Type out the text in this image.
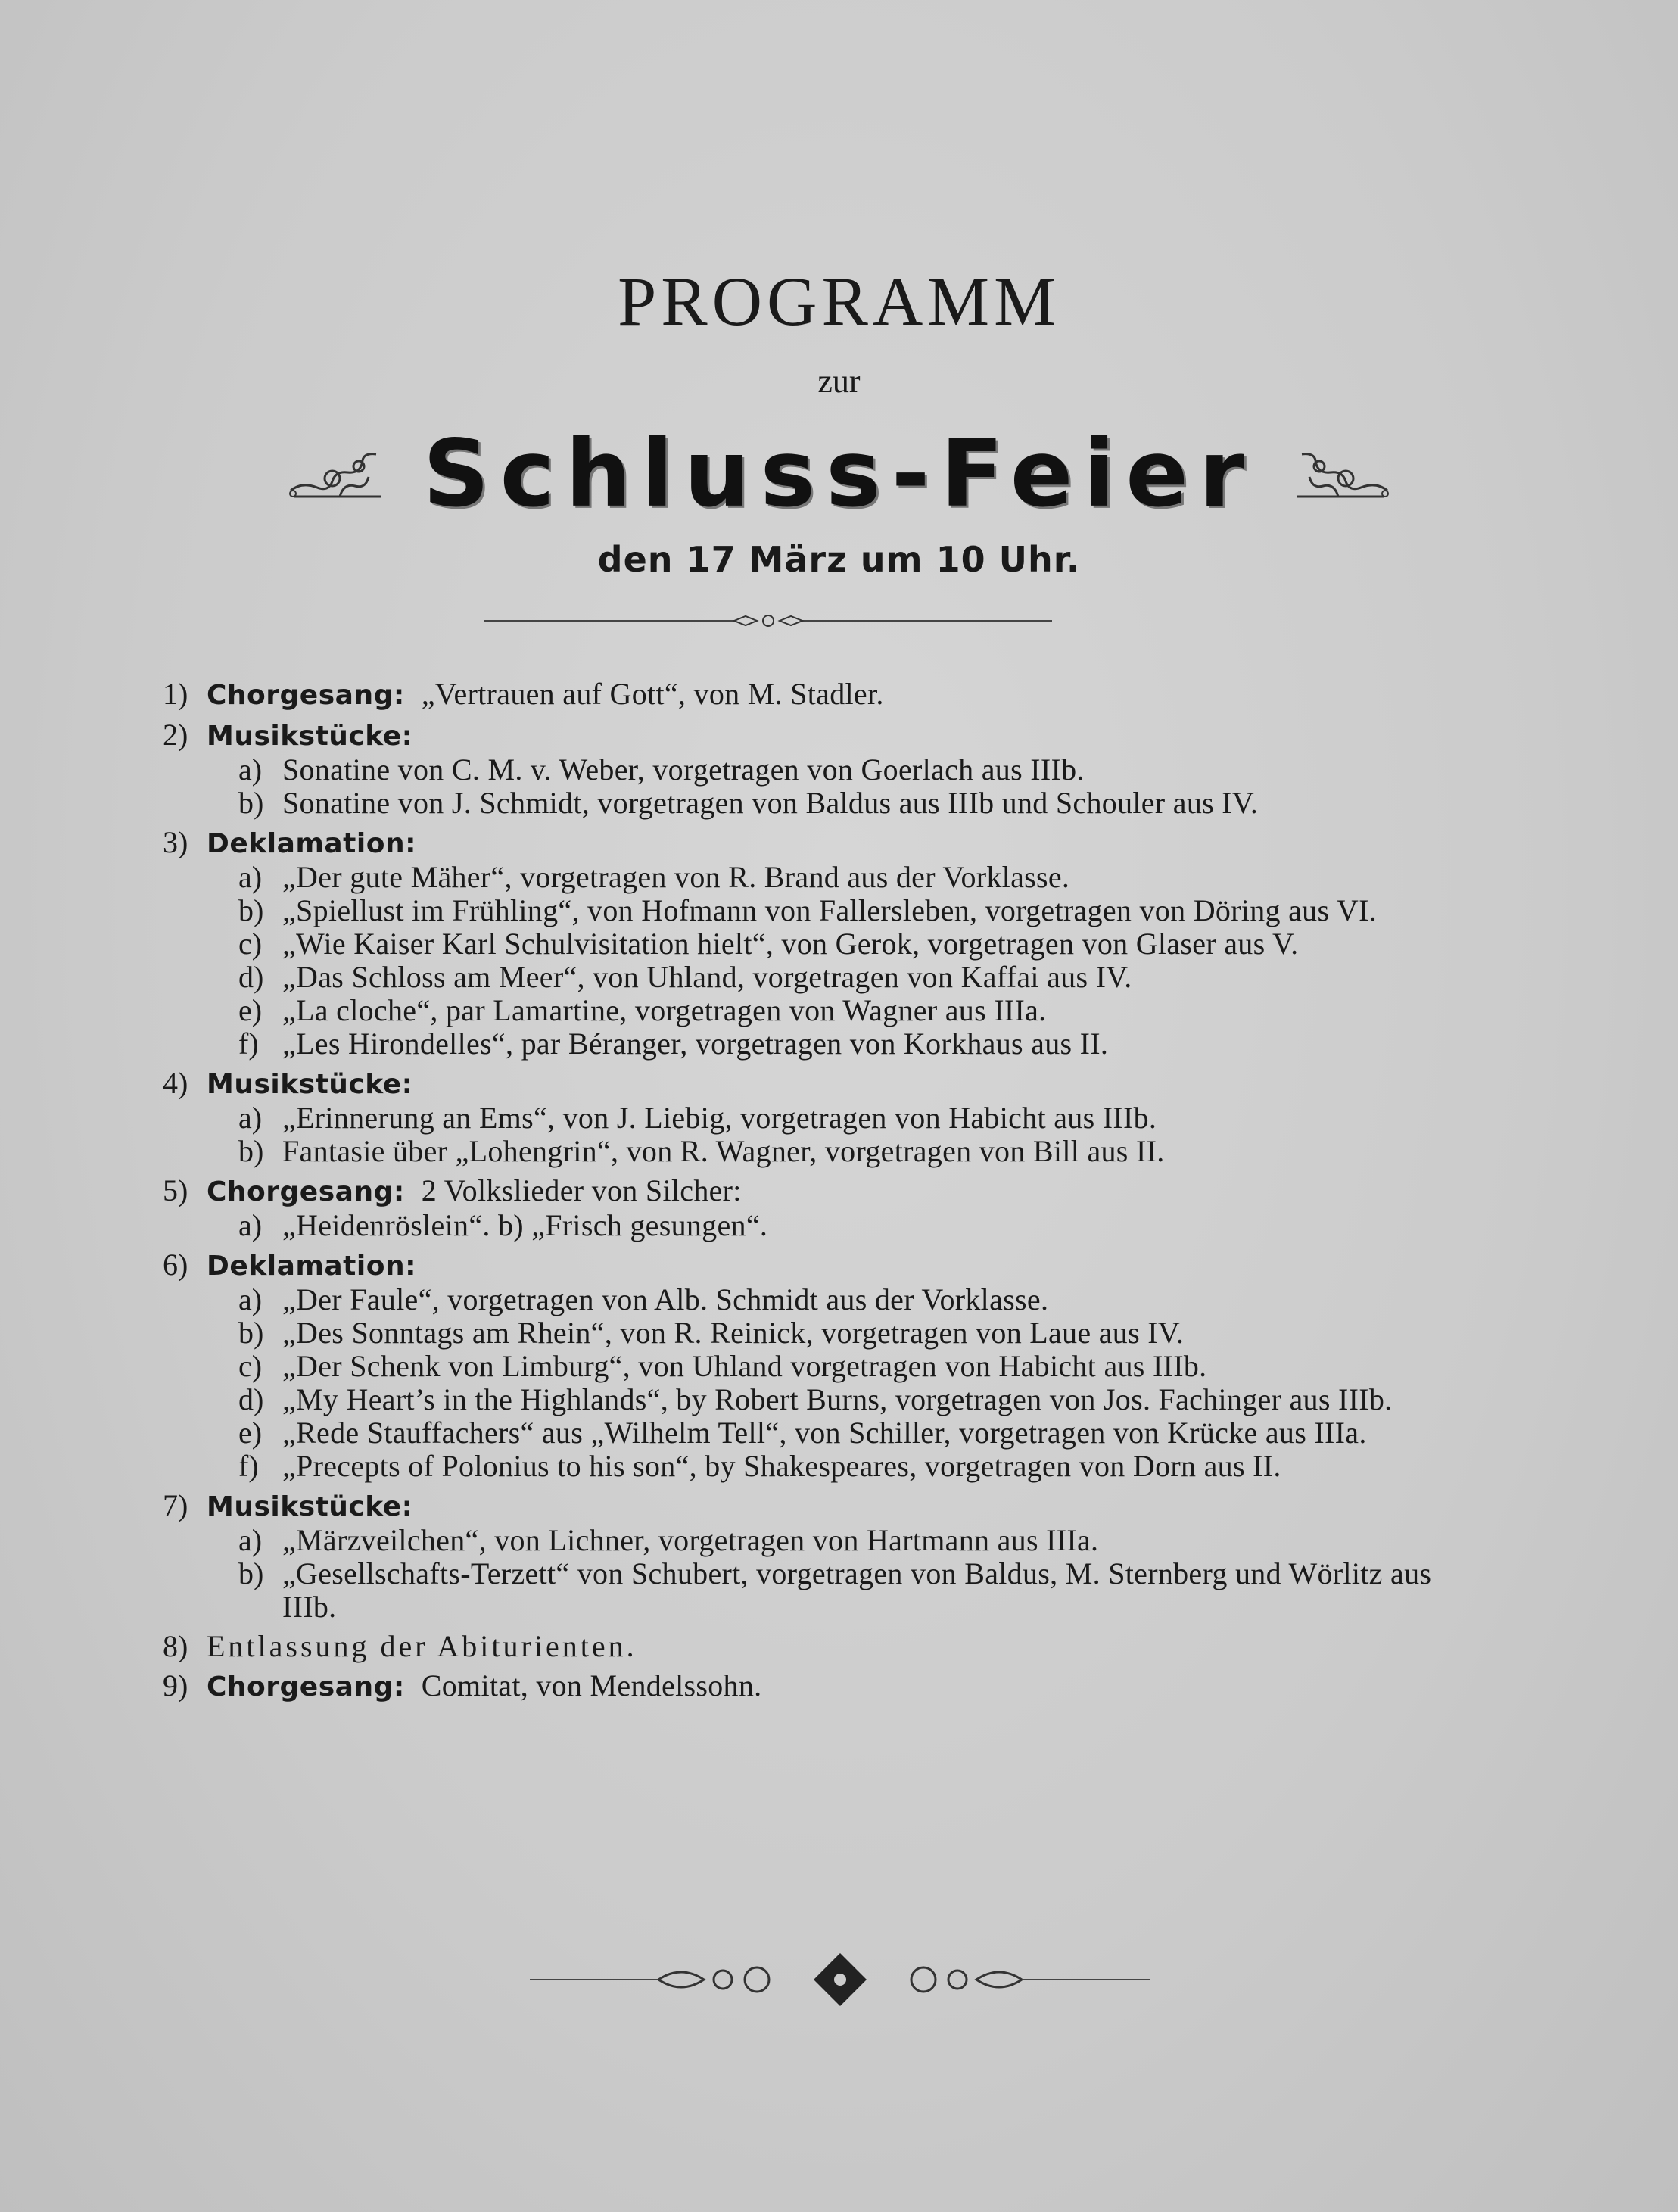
PROGRAMM
zur
Schluss-Feier
den 17 März um 10 Uhr.
1) Chorgesang: „Vertrauen auf Gott“, von M. Stadler.
2) Musikstücke:
a) Sonatine von C. M. v. Weber, vorgetragen von Goerlach aus IIIb.
b) Sonatine von J. Schmidt, vorgetragen von Baldus aus IIIb und Schouler aus IV.
3) Deklamation:
a) „Der gute Mäher“, vorgetragen von R. Brand aus der Vorklasse.
b) „Spiellust im Frühling“, von Hofmann von Fallersleben, vorgetragen von Döring aus VI.
c) „Wie Kaiser Karl Schulvisitation hielt“, von Gerok, vorgetragen von Glaser aus V.
d) „Das Schloss am Meer“, von Uhland, vorgetragen von Kaffai aus IV.
e) „La cloche“, par Lamartine, vorgetragen von Wagner aus IIIa.
f) „Les Hirondelles“, par Béranger, vorgetragen von Korkhaus aus II.
4) Musikstücke:
a) „Erinnerung an Ems“, von J. Liebig, vorgetragen von Habicht aus IIIb.
b) Fantasie über „Lohengrin“, von R. Wagner, vorgetragen von Bill aus II.
5) Chorgesang: 2 Volkslieder von Silcher:
a) „Heidenröslein“. b) „Frisch gesungen“.
6) Deklamation:
a) „Der Faule“, vorgetragen von Alb. Schmidt aus der Vorklasse.
b) „Des Sonntags am Rhein“, von R. Reinick, vorgetragen von Laue aus IV.
c) „Der Schenk von Limburg“, von Uhland vorgetragen von Habicht aus IIIb.
d) „My Heart’s in the Highlands“, by Robert Burns, vorgetragen von Jos. Fachinger aus IIIb.
e) „Rede Stauffachers“ aus „Wilhelm Tell“, von Schiller, vorgetragen von Krücke aus IIIa.
f) „Precepts of Polonius to his son“, by Shakespeares, vorgetragen von Dorn aus II.
7) Musikstücke:
a) „Märzveilchen“, von Lichner, vorgetragen von Hartmann aus IIIa.
b) „Gesellschafts-Terzett“ von Schubert, vorgetragen von Baldus, M. Sternberg und Wörlitz aus IIIb.
8) Entlassung der Abiturienten.
9) Chorgesang: Comitat, von Mendelssohn.
